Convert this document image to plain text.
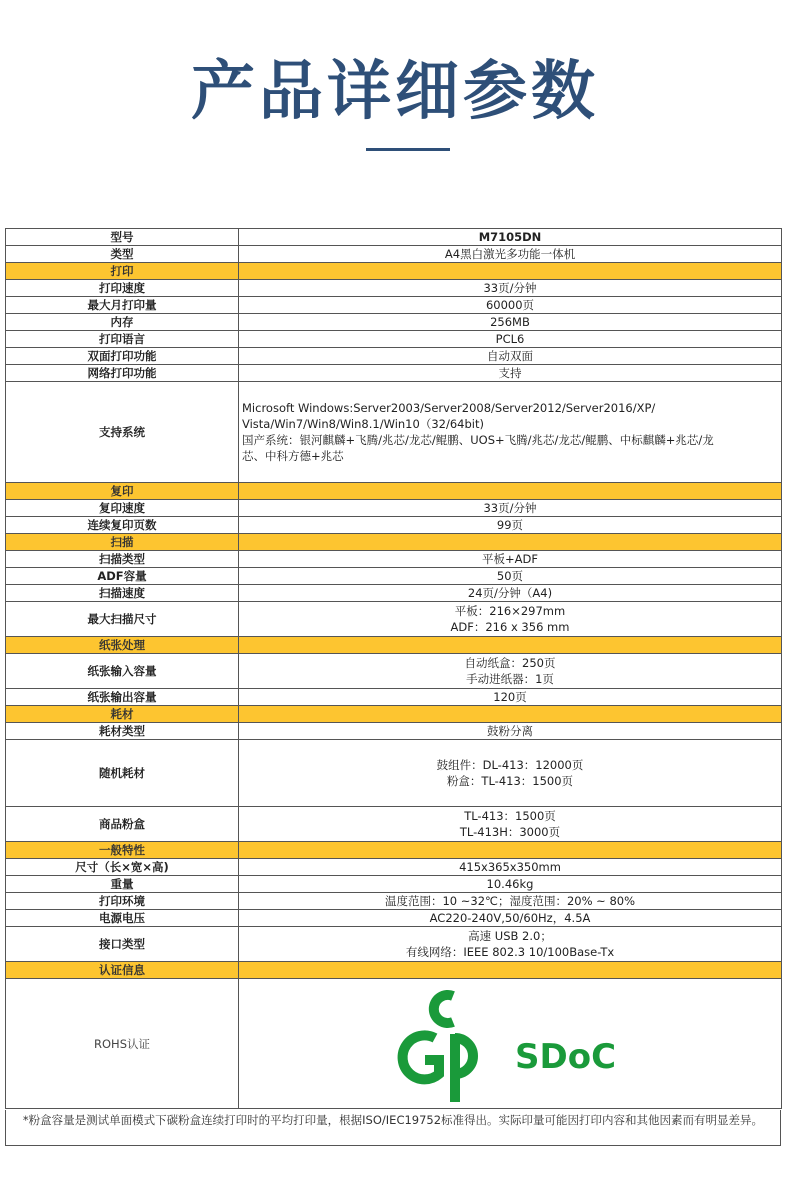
产品详细参数
型号	M7105DN
类型	A4黑白激光多功能一体机
打印	
打印速度	33页/分钟
最大月打印量	60000页
内存	256MB
打印语言	PCL6
双面打印功能	自动双面
网络打印功能	支持
支持系统	Microsoft Windows:Server2003/Server2008/Server2012/Server2016/XP/
Vista/Win7/Win8/Win8.1/Win10（32/64bit)
国产系统：银河麒麟+飞腾/兆芯/龙芯/鲲鹏、UOS+飞腾/兆芯/龙芯/鲲鹏、中标麒麟+兆芯/龙
芯、中科方德+兆芯

复印	
复印速度	33页/分钟
连续复印页数	99页
扫描	
扫描类型	平板+ADF
ADF容量	50页
扫描速度	24页/分钟（A4)
最大扫描尺寸	平板：216×297mm
ADF：216 x 356 mm

纸张处理	
纸张输入容量	自动纸盒：250页
手动进纸器：1页

纸张输出容量	120页
耗材	
耗材类型	鼓粉分离
随机耗材	鼓组件：DL-413：12000页
粉盒：TL-413：1500页

商品粉盒	TL-413：1500页
TL-413H：3000页

一般特性	
尺寸（长×宽×高)	415x365x350mm
重量	10.46kg
打印环境	温度范围：10 ~32℃；湿度范围：20% ~ 80%
电源电压	AC220-240V,50/60Hz，4.5A
接口类型	高速 USB 2.0；
有线网络：IEEE 802.3 10/100Base-Tx

认证信息	
ROHS认证	SDoC
*粉盒容量是测试单面模式下碳粉盒连续打印时的平均打印量，根据ISO/IEC19752标准得出。实际印量可能因打印内容和其他因素而有明显差异。
